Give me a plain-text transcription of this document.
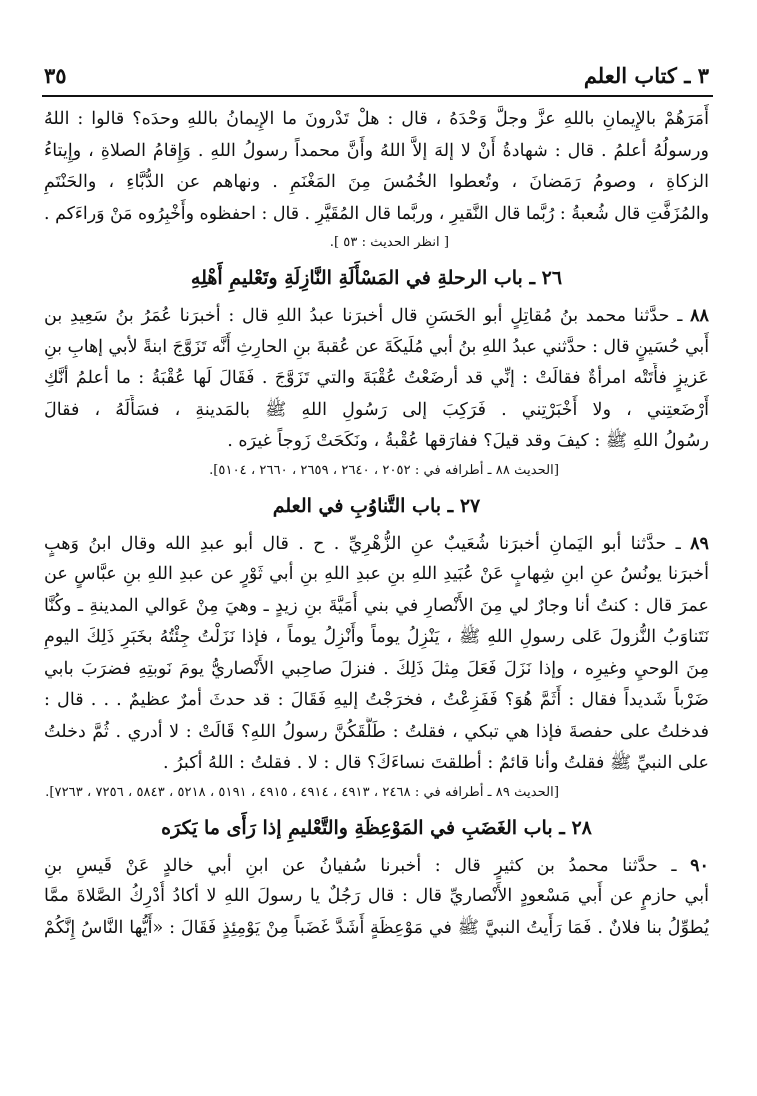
٣ ـ كتاب العلم
٣٥
أَمَرَهُمْ بالإِيمانِ باللهِ عزَّ وجلَّ وَحْدَهُ ، قال : هلْ تَدْرونَ ما الإِيمانُ باللهِ وحدَه؟ قالوا : اللهُ
ورسولُهُ أعلمُ . قال : شهادةُ أَنْ لا إلهَ إلاَّ اللهُ وأَنَّ محمداً رسولُ اللهِ . وَإِقامُ الصلاةِ ، وإِيتاءُ
الزكاةِ ، وصومُ رَمَضانَ ، وتُعطوا الخُمُسَ مِنَ المَغْنَمِ . ونهاهم عن الدُّبَّاءِ ، والحَنْتَمِ
والمُزَفَّتِ قال شُعبةُ : رُبَّما قال النَّقيرِ ، وربَّما قال المُقَيَّرِ . قال : احفظوه وأَخْبِرُوه مَنْ وَراءَكم .
[ انظر الحديث : ٥٣ ].
٢٦ ـ باب الرحلةِ في المَسْأَلَةِ النَّازِلَةِ وتَعْليمِ أَهْلِهِ
٨٨ ـ حدَّثنا محمد بنُ مُقاتِلٍ أبو الحَسَنِ قال أخبرَنا عبدُ اللهِ قال : أخبرَنا عُمَرُ بنُ سَعِيدِ بن
أَبي حُسَينٍ قال : حدَّثني عبدُ اللهِ بنُ أبي مُلَيكَةَ عن عُقبةَ بنِ الحارِثِ أَنَّه تَزَوَّجَ ابنةً لأبي إهابِ بنِ
عَزيزٍ فأَتَتْه امرأةٌ فقالَتْ : إنِّي قد أرضَعْتُ عُقْبَةَ والتي تَزَوَّجَ . فَقَالَ لَها عُقْبَةُ : ما أعلمُ أنَّكِ
أَرْضَعتِني ، ولا أَخْبَرْتِني . فَرَكِبَ إلى رَسُولِ اللهِ ﷺ بالمَدينةِ ، فسَأَلَهُ ، فقالَ
رسُولُ اللهِ ﷺ : كيفَ وقد قيلَ؟ ففارَقها عُقْبةُ ، ونَكَحَتْ زَوجاً غيرَه .
[الحديث ٨٨ ـ أطرافه في : ٢٠٥٢ ، ٢٦٤٠ ، ٢٦٥٩ ، ٢٦٦٠ ، ٥١٠٤].
٢٧ ـ باب التَّناوُبِ في العلم
٨٩ ـ حدَّثنا أبو اليَمانِ أخبرَنا شُعَيبٌ عنِ الزُّهْرِيِّ . ح . قال أبو عبدِ الله وقال ابنُ وَهبٍ
أخبرَنا يونُسُ عنِ ابنِ شِهابٍ عَنْ عُبَيدِ اللهِ بنِ عبدِ اللهِ بنِ أبي ثَوْرٍ عن عبدِ اللهِ بنِ عبَّاسٍ عن
عمرَ قال : كنتُ أنا وجارٌ لي مِنَ الأَنْصارِ في بني أُمَيَّةَ بنِ زيدٍ ـ وهيَ مِنْ عَوالي المدينةِ ـ وكُنَّا
نَتَناوَبُ النُّزولَ عَلى رسولِ اللهِ ﷺ ، يَنْزِلُ يوماً وأَنْزِلُ يوماً ، فإذا نَزَلْتُ جِئْتُهُ بخَبَرِ ذَلِكَ اليومِ
مِنَ الوحيِ وغيرِه ، وإذا نَزَلَ فَعَلَ مِثلَ ذَلِكَ . فنزلَ صاحِبي الأَنْصاريُّ يومَ نَوبتِهِ فضرَبَ بابي
ضَرْباً شَديداً فقال : أَثَمَّ هُوَ؟ فَفَزِعْتُ ، فخرَجْتُ إليهِ فَقَالَ : قد حدثَ أمرٌ عظيمٌ . . . قال :
فدخلتُ على حفصةَ فإذا هي تبكي ، فقلتُ : طَلَّقَكُنَّ رسولُ اللهِ؟ قَالَتْ : لا أدري . ثُمَّ دخلتُ
على النبيِّ ﷺ فقلتُ وأنا قائمٌ : أطلقتَ نساءَكَ؟ قال : لا . فقلتُ : اللهُ أكبرُ .
[الحديث ٨٩ ـ أطرافه في : ٢٤٦٨ ، ٤٩١٣ ، ٤٩١٤ ، ٤٩١٥ ، ٥١٩١ ، ٥٢١٨ ، ٥٨٤٣ ، ٧٢٥٦ ، ٧٢٦٣].
٢٨ ـ باب الغَضَبِ في المَوْعِظَةِ والتَّعْليمِ إذا رَأَى ما يَكرَه
٩٠ ـ حدَّثنا محمدُ بن كثيرٍ قال : أخبرنا سُفيانُ عن ابنِ أبي خالدٍ عَنْ قَيسِ بنِ
أبي حازمٍ عن أَبي مَسْعودٍ الأَنْصاريِّ قال : قال رَجُلٌ يا رسولَ اللهِ لا أكادُ أُدْرِكُ الصَّلاةَ ممَّا
يُطوِّلُ بنا فلانٌ . فَمَا رَأَيتُ النبيَّ ﷺ في مَوْعِظَةٍ أَشَدَّ غَضَباً مِنْ يَوْمِئِذٍ فَقَالَ : «أَيُّها النَّاسُ إِنَّكُمْ
